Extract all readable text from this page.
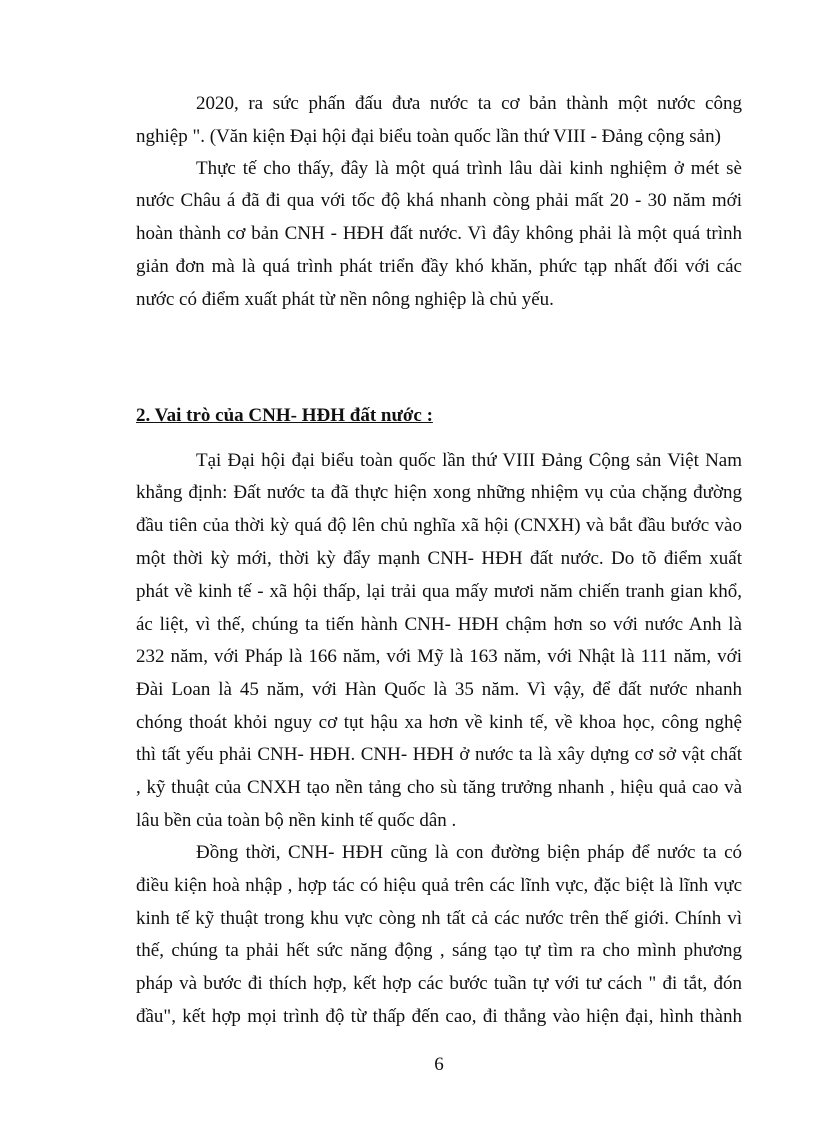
2020, ra sức phấn đấu đưa nước ta cơ bản thành một nước công
nghiệp ". (Văn kiện Đại hội đại biểu toàn quốc lần thứ VIII - Đảng cộng sản)
Thực tế cho thấy, đây là một quá trình lâu dài kinh nghiệm ở mét sè
nước Châu á đã đi qua với tốc độ khá nhanh còng phải mất 20 - 30 năm mới
hoàn thành cơ bản CNH - HĐH đất nước. Vì đây không phải là một quá trình
giản đơn mà là quá trình phát triển đầy khó khăn, phức tạp nhất đối với các
nước có điểm xuất phát từ nền nông nghiệp là chủ yếu.
2. Vai trò của CNH- HĐH đất nước :
Tại Đại hội đại biểu toàn quốc lần thứ VIII Đảng Cộng sản Việt Nam
khẳng định: Đất nước ta đã thực hiện xong những nhiệm vụ của chặng đường
đầu tiên của thời kỳ quá độ lên chủ nghĩa xã hội (CNXH) và bắt đầu bước vào
một thời kỳ mới, thời kỳ đẩy mạnh CNH- HĐH đất nước. Do tõ điểm xuất
phát về kinh tế - xã hội thấp, lại trải qua mấy mươi năm chiến tranh gian khổ,
ác liệt, vì thế, chúng ta tiến hành CNH- HĐH chậm hơn so với nước Anh là
232 năm, với Pháp là 166 năm, với Mỹ là 163 năm, với Nhật là 111 năm, với
Đài Loan là 45 năm, với Hàn Quốc là 35 năm. Vì vậy, để đất nước nhanh
chóng thoát khỏi nguy cơ tụt hậu xa hơn về kinh tế, về khoa học, công nghệ
thì tất yếu phải CNH- HĐH. CNH- HĐH ở nước ta là xây dựng cơ sở vật chất
, kỹ thuật của CNXH tạo nền tảng cho sù tăng trưởng nhanh , hiệu quả cao và
lâu bền của toàn bộ nền kinh tế quốc dân .
Đồng thời, CNH- HĐH cũng là con đường biện pháp để nước ta có
điều kiện hoà nhập , hợp tác có hiệu quả trên các lĩnh vực, đặc biệt là lĩnh vực
kinh tế kỹ thuật trong khu vực còng nh tất cả các nước trên thế giới. Chính vì
thế, chúng ta phải hết sức năng động , sáng tạo tự tìm ra cho mình phương
pháp và bước đi thích hợp, kết hợp các bước tuần tự với tư cách " đi tắt, đón
đầu", kết hợp mọi trình độ từ thấp đến cao, đi thẳng vào hiện đại, hình thành
6
